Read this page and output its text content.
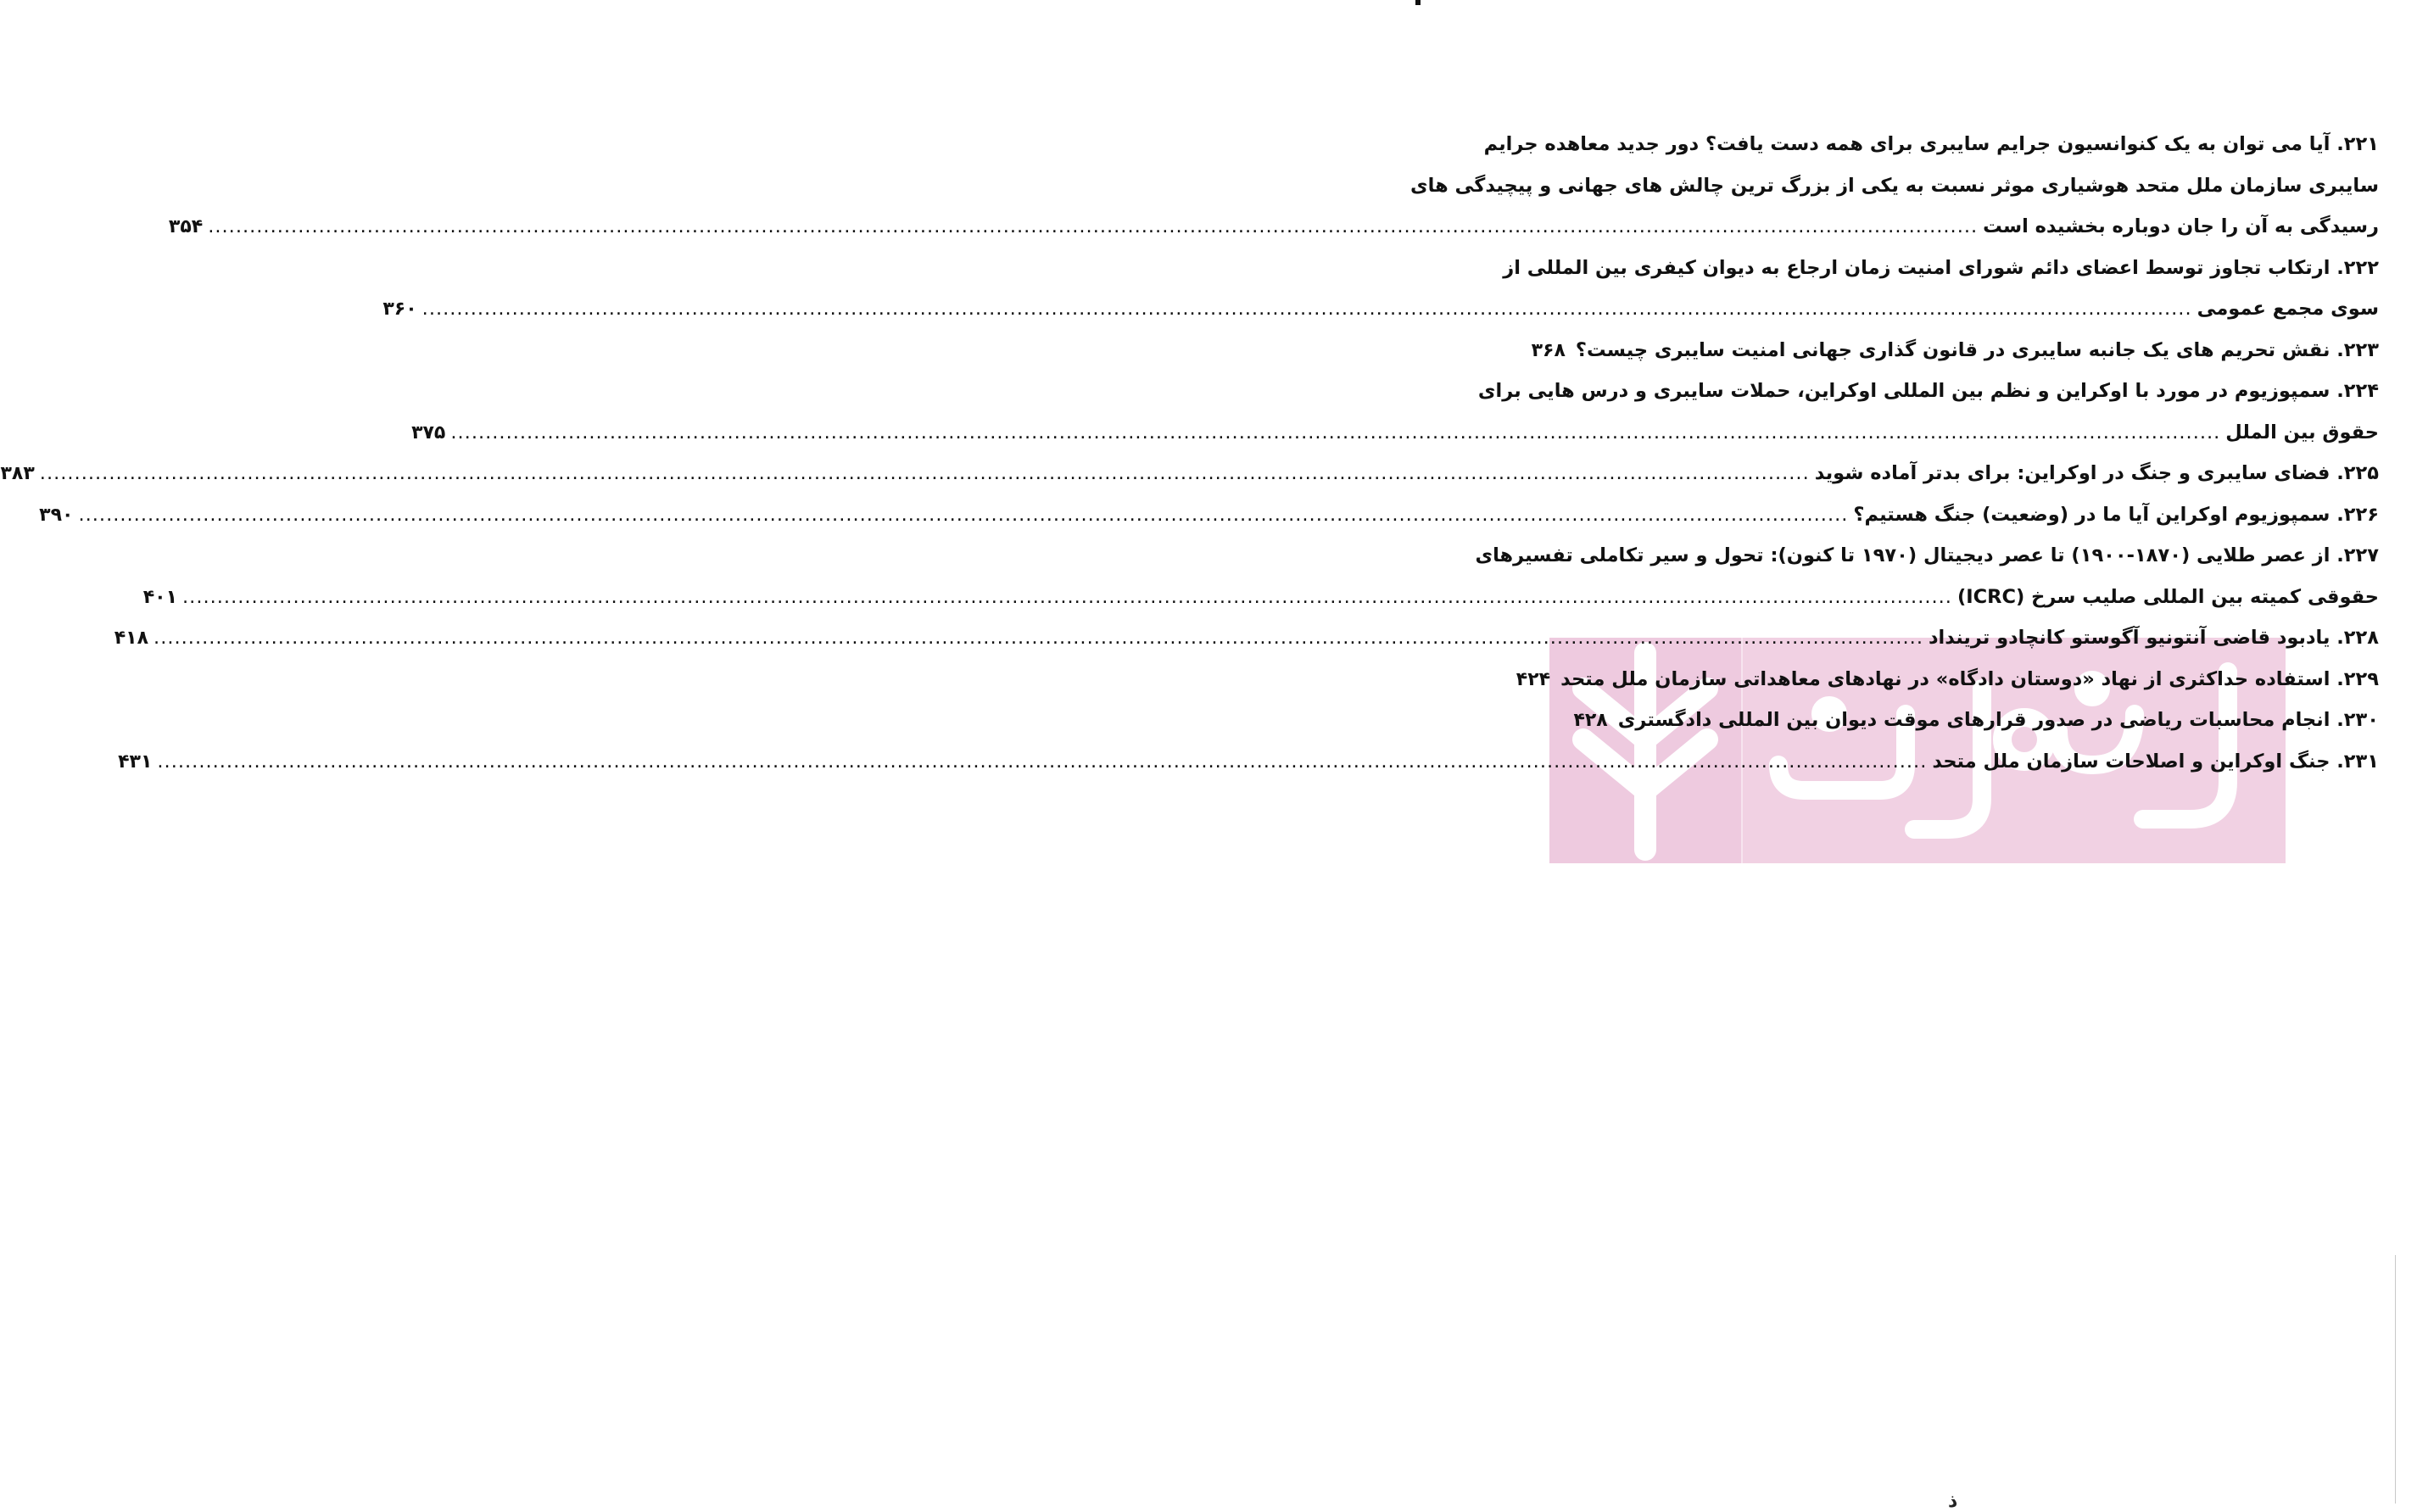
۲۲۱. آیا می توان به یک کنوانسیون جرایم سایبری برای همه دست یافت؟ دور جدید معاهده جرایم
سایبری سازمان ملل متحد هوشیاری موثر نسبت به یکی از بزرگ ترین چالش های جهانی و پیچیدگی های
رسیدگی به آن را جان دوباره بخشیده است
.....
۳۵۴
۲۲۲. ارتکاب تجاوز توسط اعضای دائم شورای امنیت زمان ارجاع به دیوان کیفری بین المللی از
سوی مجمع عمومی
.....
۳۶۰
۲۲۳. نقش تحریم های یک جانبه سایبری در قانون گذاری جهانی امنیت سایبری چیست؟
۳۶۸
۲۲۴. سمپوزیوم در مورد با اوکراین و نظم بین المللی اوکراین، حملات سایبری و درس هایی برای
حقوق بین الملل
.....
۳۷۵
۲۲۵. فضای سایبری و جنگ در اوکراین: برای بدتر آماده شوید
.....
۳۸۳
۲۲۶. سمپوزیوم اوکراین آیا ما در (وضعیت) جنگ هستیم؟
.....
۳۹۰
۲۲۷. از عصر طلایی (۱۸۷۰-۱۹۰۰) تا عصر دیجیتال (۱۹۷۰ تا کنون): تحول و سیر تکاملی تفسیرهای
حقوقی کمیته بین المللی صلیب سرخ (ICRC)
.....
۴۰۱
۲۲۸. یادبود قاضی آنتونیو آگوستو کانچادو ترینداد
.....
۴۱۸
۲۲۹. استفاده حداکثری از نهاد «دوستان دادگاه» در نهادهای معاهداتی سازمان ملل متحد
۴۲۴
۲۳۰. انجام محاسبات ریاضی در صدور قرارهای موقت دیوان بین المللی دادگستری
۴۲۸
۲۳۱. جنگ اوکراین و اصلاحات سازمان ملل متحد
.....
۴۳۱
ذ
